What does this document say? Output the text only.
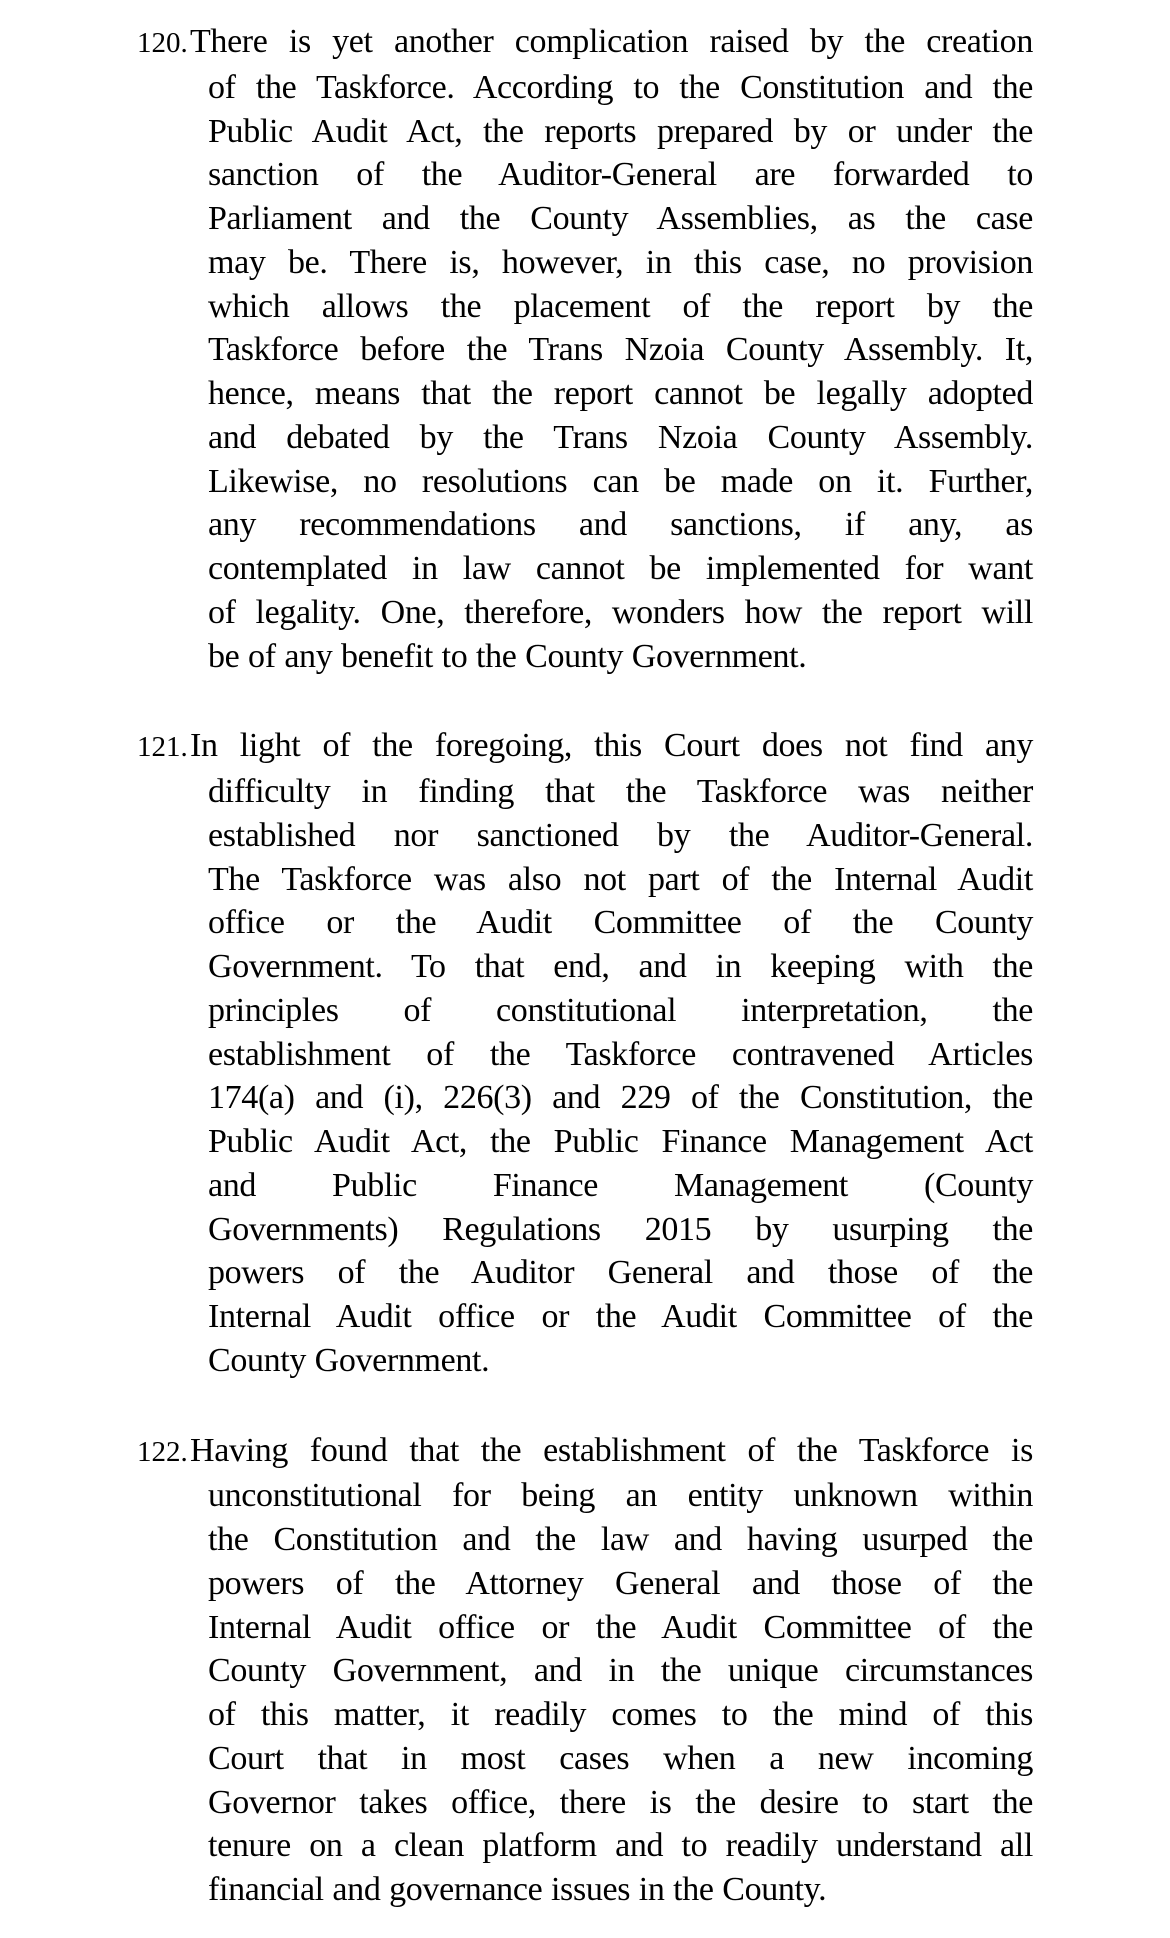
120.There is yet another complication raised by the creation
of the Taskforce. According to the Constitution and the
Public Audit Act, the reports prepared by or under the
sanction of the Auditor-General are forwarded to
Parliament and the County Assemblies, as the case
may be. There is, however, in this case, no provision
which allows the placement of the report by the
Taskforce before the Trans Nzoia County Assembly. It,
hence, means that the report cannot be legally adopted
and debated by the Trans Nzoia County Assembly.
Likewise, no resolutions can be made on it. Further,
any recommendations and sanctions, if any, as
contemplated in law cannot be implemented for want
of legality. One, therefore, wonders how the report will
be of any benefit to the County Government.
121.In light of the foregoing, this Court does not find any
difficulty in finding that the Taskforce was neither
established nor sanctioned by the Auditor-General.
The Taskforce was also not part of the Internal Audit
office or the Audit Committee of the County
Government. To that end, and in keeping with the
principles of constitutional interpretation, the
establishment of the Taskforce contravened Articles
174(a) and (i), 226(3) and 229 of the Constitution, the
Public Audit Act, the Public Finance Management Act
and Public Finance Management (County
Governments) Regulations 2015 by usurping the
powers of the Auditor General and those of the
Internal Audit office or the Audit Committee of the
County Government.
122.Having found that the establishment of the Taskforce is
unconstitutional for being an entity unknown within
the Constitution and the law and having usurped the
powers of the Attorney General and those of the
Internal Audit office or the Audit Committee of the
County Government, and in the unique circumstances
of this matter, it readily comes to the mind of this
Court that in most cases when a new incoming
Governor takes office, there is the desire to start the
tenure on a clean platform and to readily understand all
financial and governance issues in the County.
